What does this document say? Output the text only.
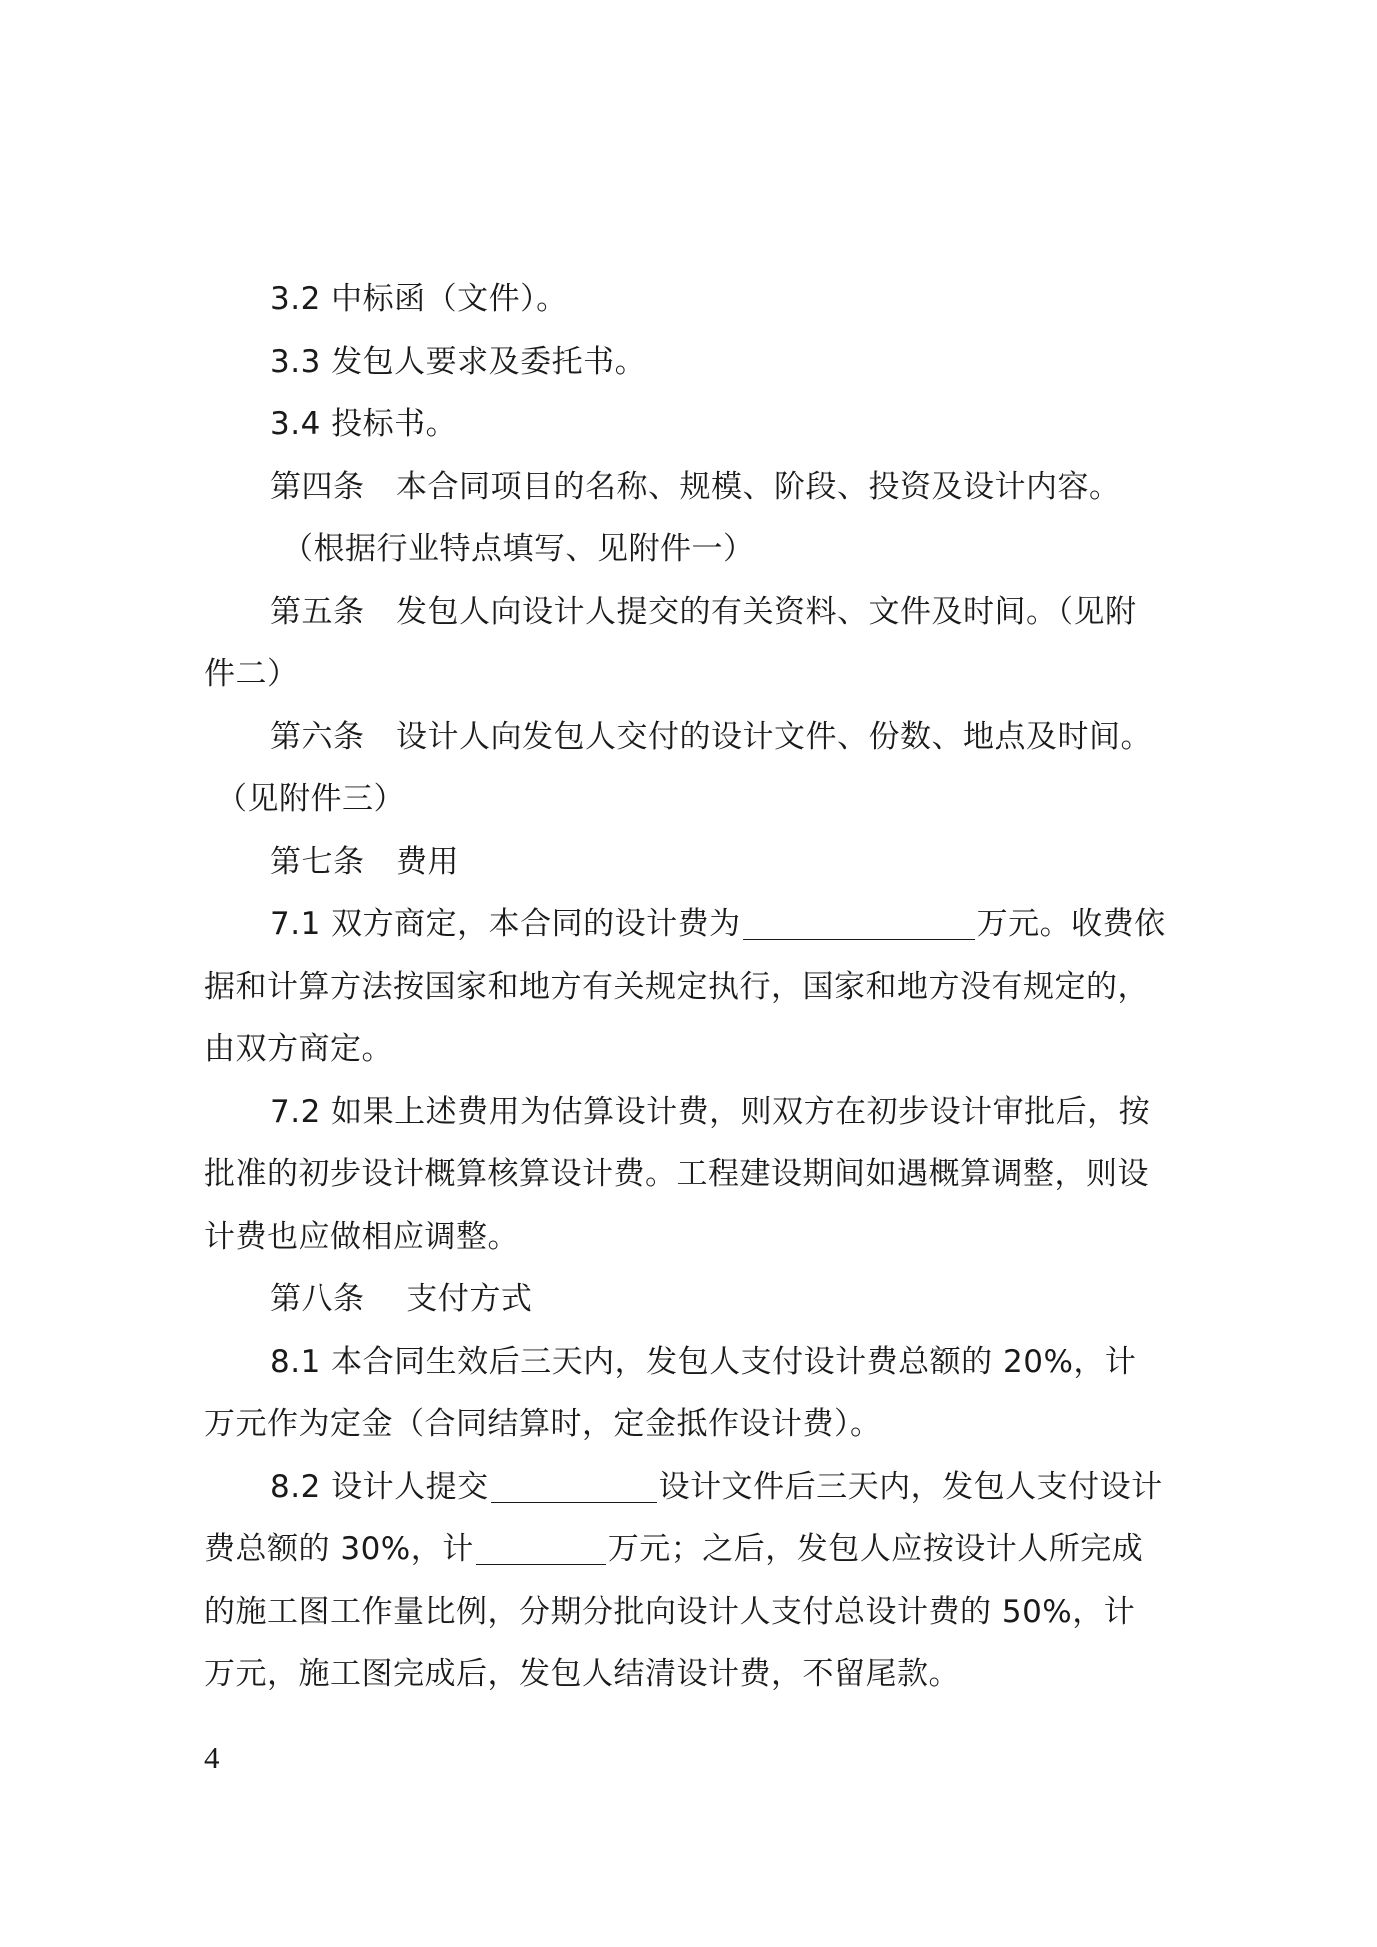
3.2 中标函（文件）。
3.3 发包人要求及委托书。
3.4 投标书。
第四条　本合同项目的名称、规模、阶段、投资及设计内容。
（根据行业特点填写、见附件一）
第五条　发包人向设计人提交的有关资料、文件及时间。（见附
件二）
第六条　设计人向发包人交付的设计文件、份数、地点及时间。
（见附件三）
第七条　费用
7.1 双方商定，本合同的设计费为	万元。收费依
据和计算方法按国家和地方有关规定执行，国家和地方没有规定的，
由双方商定。
7.2 如果上述费用为估算设计费，则双方在初步设计审批后，按
批准的初步设计概算核算设计费。工程建设期间如遇概算调整，则设
计费也应做相应调整。
第八条　 支付方式
8.1 本合同生效后三天内，发包人支付设计费总额的 20%，计
万元作为定金（合同结算时，定金抵作设计费）。
8.2 设计人提交	设计文件后三天内，发包人支付设计
费总额的 30%，计	万元；之后，发包人应按设计人所完成
的施工图工作量比例，分期分批向设计人支付总设计费的 50%，计
万元，施工图完成后，发包人结清设计费，不留尾款。
4
